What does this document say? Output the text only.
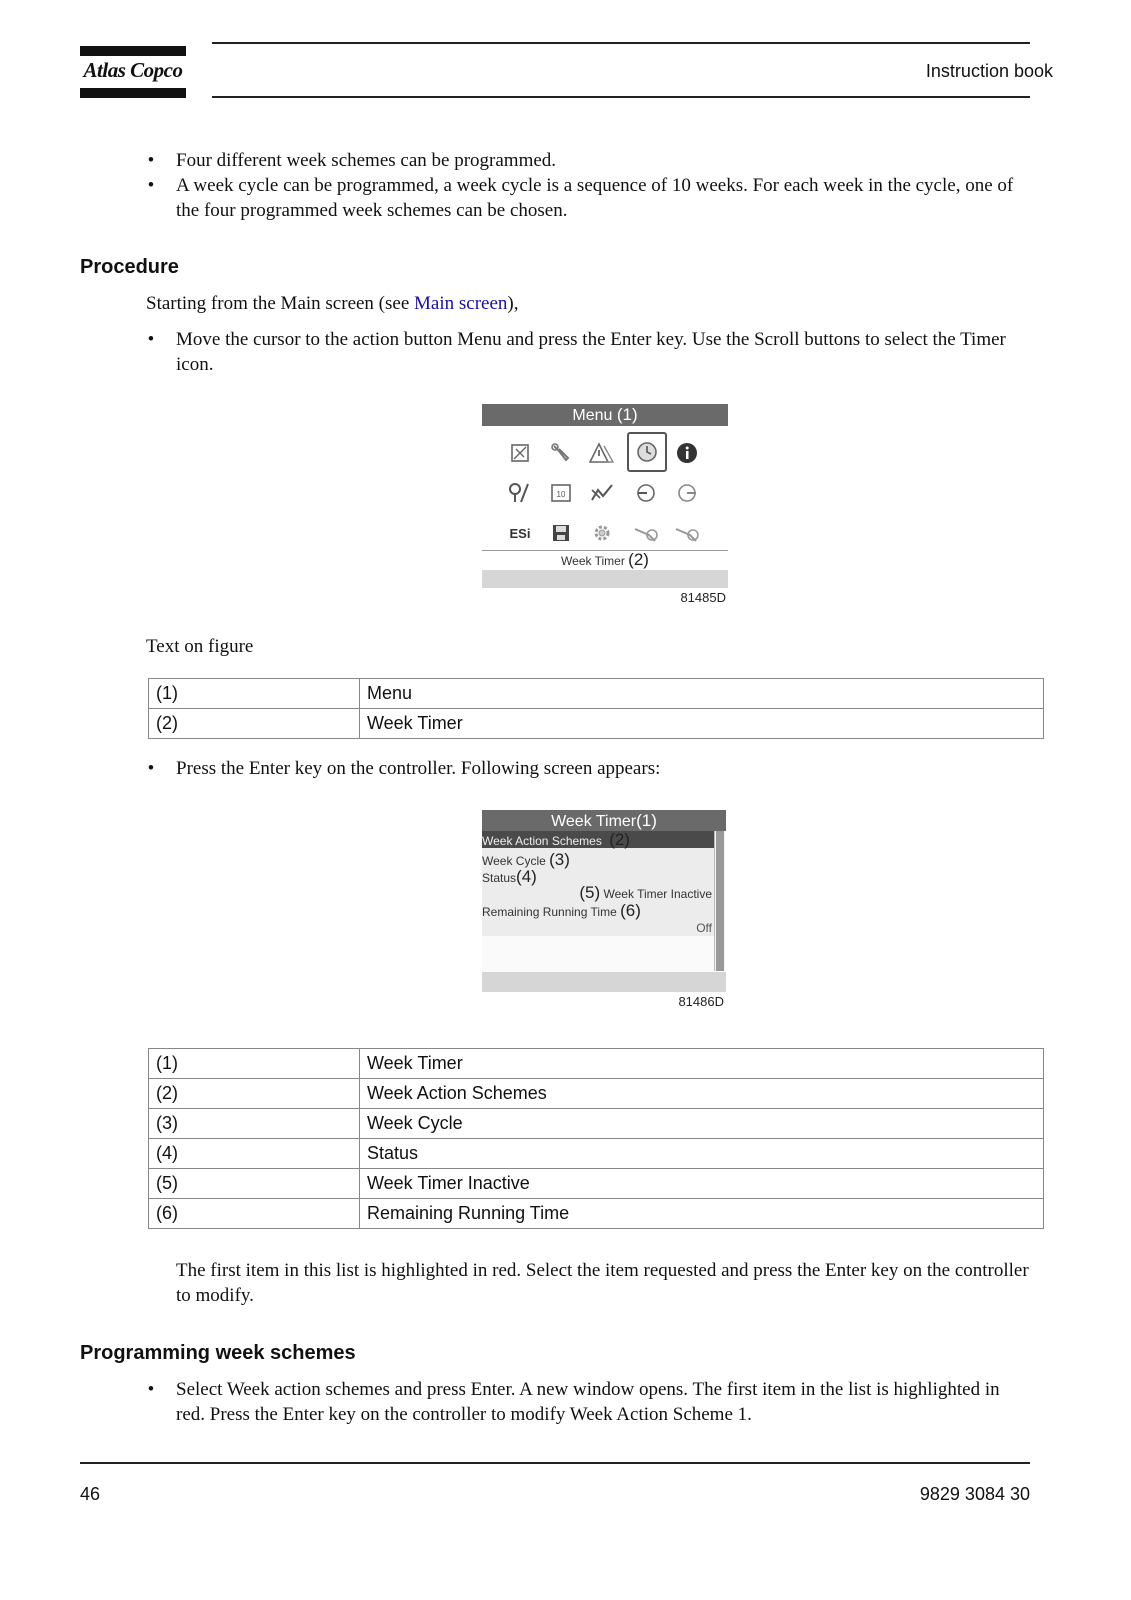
Atlas Copco	Instruction book
• Four different week schemes can be programmed.
• A week cycle can be programmed, a week cycle is a sequence of 10 weeks. For each week in the cycle, one of the four programmed week schemes can be chosen.
Procedure

Starting from the Main screen (see Main screen),

• Move the cursor to the action button Menu and press the Enter key. Use the Scroll buttons to select the Timer icon.
Menu (1)
10
ESi
Week Timer (2)
81485D

Text on figure

(1)	Menu
(2)	Week Timer
• Press the Enter key on the controller. Following screen appears:
Week Timer(1)
Week Action Schemes (2)
Week Cycle (3)
Status(4)
(5) Week Timer Inactive
Remaining Running Time (6)
Off
81486D
(1)	Week Timer
(2)	Week Action Schemes
(3)	Week Cycle
(4)	Status
(5)	Week Timer Inactive
(6)	Remaining Running Time

The first item in this list is highlighted in red. Select the item requested and press the Enter key on the controller to modify.

Programming week schemes
• Select Week action schemes and press Enter. A new window opens. The first item in the list is highlighted in red. Press the Enter key on the controller to modify Week Action Scheme 1.
46	9829 3084 30
